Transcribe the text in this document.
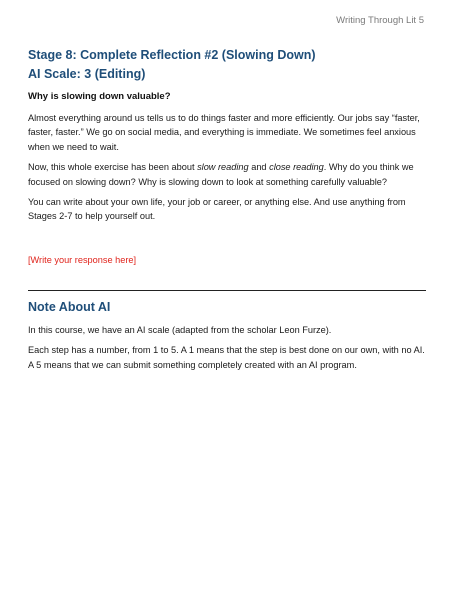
Writing Through Lit 5
Stage 8: Complete Reflection #2 (Slowing Down)
AI Scale: 3 (Editing)
Why is slowing down valuable?

Almost everything around us tells us to do things faster and more efficiently. Our jobs say “faster, faster, faster.” We go on social media, and everything is immediate. We sometimes feel anxious when we need to wait.

Now, this whole exercise has been about slow reading and close reading. Why do you think we focused on slowing down? Why is slowing down to look at something carefully valuable?

You can write about your own life, your job or career, or anything else. And use anything from Stages 2-7 to help yourself out.

[Write your response here]
Note About AI

In this course, we have an AI scale (adapted from the scholar Leon Furze).

Each step has a number, from 1 to 5. A 1 means that the step is best done on our own, with no AI. A 5 means that we can submit something completely created with an AI program.
